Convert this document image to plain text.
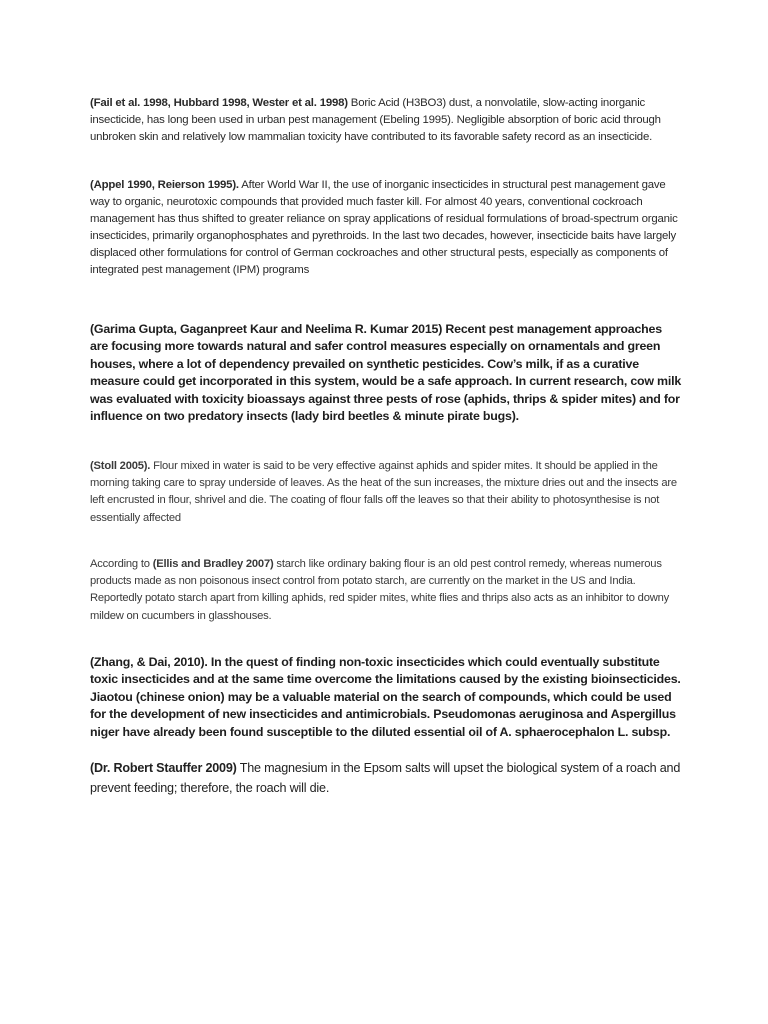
(Fail et al. 1998, Hubbard 1998, Wester et al. 1998) Boric Acid (H3BO3) dust, a nonvolatile, slow-acting inorganic insecticide, has long been used in urban pest management (Ebeling 1995). Negligible absorption of boric acid through unbroken skin and relatively low mammalian toxicity have contributed to its favorable safety record as an insecticide.

(Appel 1990, Reierson 1995). After World War II, the use of inorganic insecticides in structural pest management gave way to organic, neurotoxic compounds that provided much faster kill. For almost 40 years, conventional cockroach management has thus shifted to greater reliance on spray applications of residual formulations of broad-spectrum organic insecticides, primarily organophosphates and pyrethroids. In the last two decades, however, insecticide baits have largely displaced other formulations for control of German cockroaches and other structural pests, especially as components of integrated pest management (IPM) programs

(Garima Gupta, Gaganpreet Kaur and Neelima R. Kumar 2015) Recent pest management approaches are focusing more towards natural and safer control measures especially on ornamentals and green houses, where a lot of dependency prevailed on synthetic pesticides. Cow’s milk, if as a curative measure could get incorporated in this system, would be a safe approach. In current research, cow milk was evaluated with toxicity bioassays against three pests of rose (aphids, thrips & spider mites) and for influence on two predatory insects (lady bird beetles & minute pirate bugs).

(Stoll 2005). Flour mixed in water is said to be very effective against aphids and spider mites. It should be applied in the morning taking care to spray underside of leaves. As the heat of the sun increases, the mixture dries out and the insects are left encrusted in flour, shrivel and die. The coating of flour falls off the leaves so that their ability to photosynthesise is not essentially affected

According to (Ellis and Bradley 2007) starch like ordinary baking flour is an old pest control remedy, whereas numerous products made as non poisonous insect control from potato starch, are currently on the market in the US and India. Reportedly potato starch apart from killing aphids, red spider mites, white flies and thrips also acts as an inhibitor to downy mildew on cucumbers in glasshouses.

(Zhang, & Dai, 2010). In the quest of finding non-toxic insecticides which could eventually substitute toxic insecticides and at the same time overcome the limitations caused by the existing bioinsecticides. Jiaotou (chinese onion) may be a valuable material on the search of compounds, which could be used for the development of new insecticides and antimicrobials. Pseudomonas aeruginosa and Aspergillus niger have already been found susceptible to the diluted essential oil of A. sphaerocephalon L. subsp.

(Dr. Robert Stauffer 2009) The magnesium in the Epsom salts will upset the biological system of a roach and prevent feeding; therefore, the roach will die.
